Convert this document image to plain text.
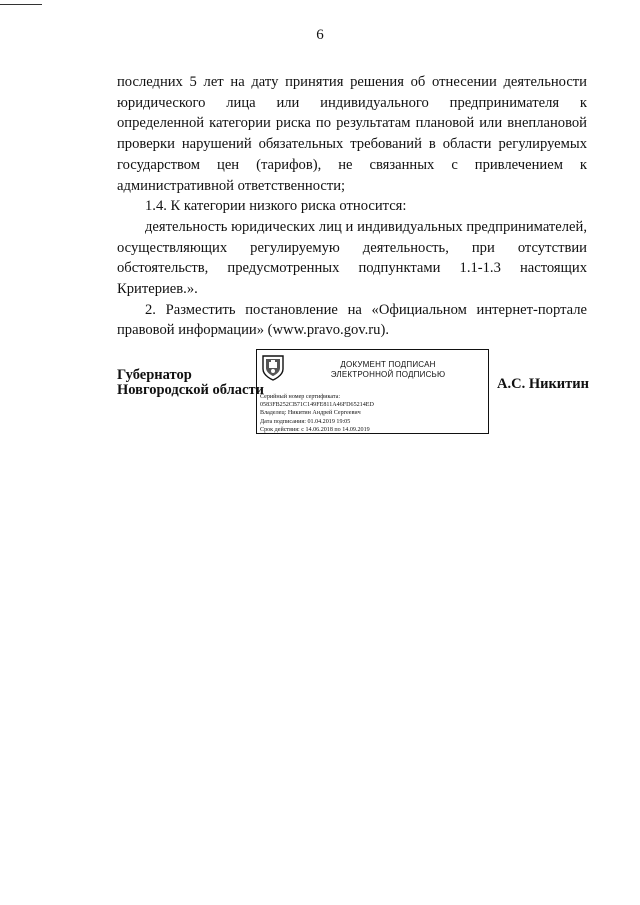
6

последних 5 лет на дату принятия решения об отнесении деятельности юридического лица или индивидуального предпринимателя к определенной категории риска по результатам плановой или внеплановой проверки нарушений обязательных требований в области регулируемых государством цен (тарифов), не связанных с привлечением к административной ответственности;

1.4. К категории низкого риска относится:

деятельность юридических лиц и индивидуальных предпринимателей, осуществляющих регулируемую деятельность, при отсутствии обстоятельств, предусмотренных подпунктами 1.1-1.3 настоящих Критериев.».

2. Разместить постановление на «Официальном интернет-портале правовой информации» (www.pravo.gov.ru).

Губернатор
Новгородской области
ДОКУМЕНТ ПОДПИСАН
ЭЛЕКТРОННОЙ ПОДПИСЬЮ
Серийный номер сертификата:
0583FB252CB71C149FE811A46FD65214ED
Владелец: Никитин Андрей Сергеевич
Дата подписания: 01.04.2019 19:05
Срок действия: с 14.06.2018 по 14.09.2019
А.С. Никитин
